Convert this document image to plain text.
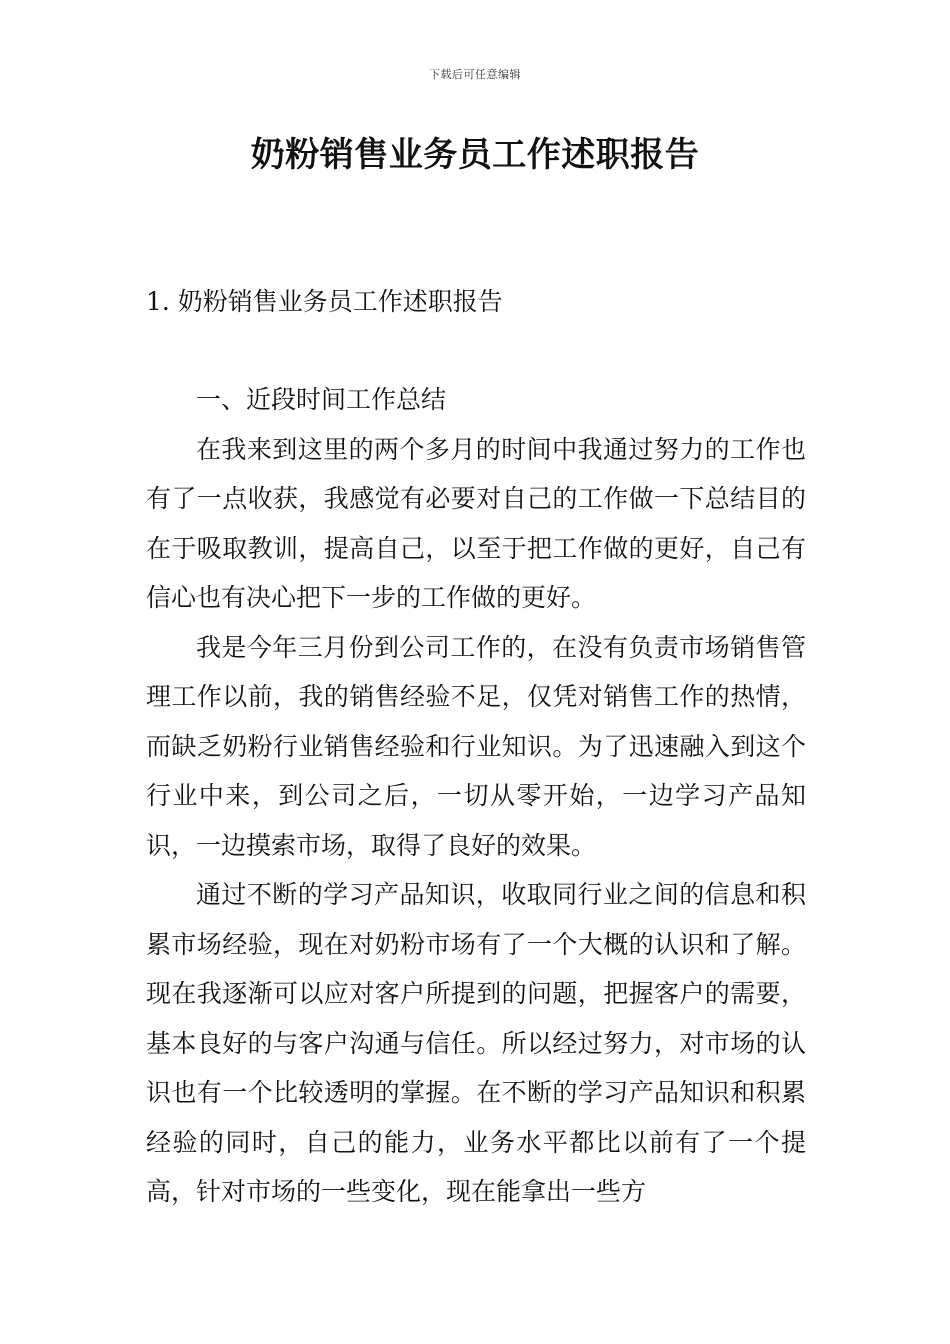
下载后可任意编辑
奶粉销售业务员工作述职报告
1. 奶粉销售业务员工作述职报告

一、近段时间工作总结

在我来到这里的两个多月的时间中我通过努力的工作也有了一点收获，我感觉有必要对自己的工作做一下总结目的在于吸取教训，提高自己，以至于把工作做的更好，自己有信心也有决心把下一步的工作做的更好。

我是今年三月份到公司工作的，在没有负责市场销售管理工作以前，我的销售经验不足，仅凭对销售工作的热情，而缺乏奶粉行业销售经验和行业知识。为了迅速融入到这个行业中来，到公司之后，一切从零开始，一边学习产品知识，一边摸索市场，取得了良好的效果。

通过不断的学习产品知识，收取同行业之间的信息和积累市场经验，现在对奶粉市场有了一个大概的认识和了解。现在我逐渐可以应对客户所提到的问题，把握客户的需要，基本良好的与客户沟通与信任。所以经过努力，对市场的认识也有一个比较透明的掌握。在不断的学习产品知识和积累经验的同时，自己的能力，业务水平都比以前有了一个提高，针对市场的一些变化，现在能拿出一些方
